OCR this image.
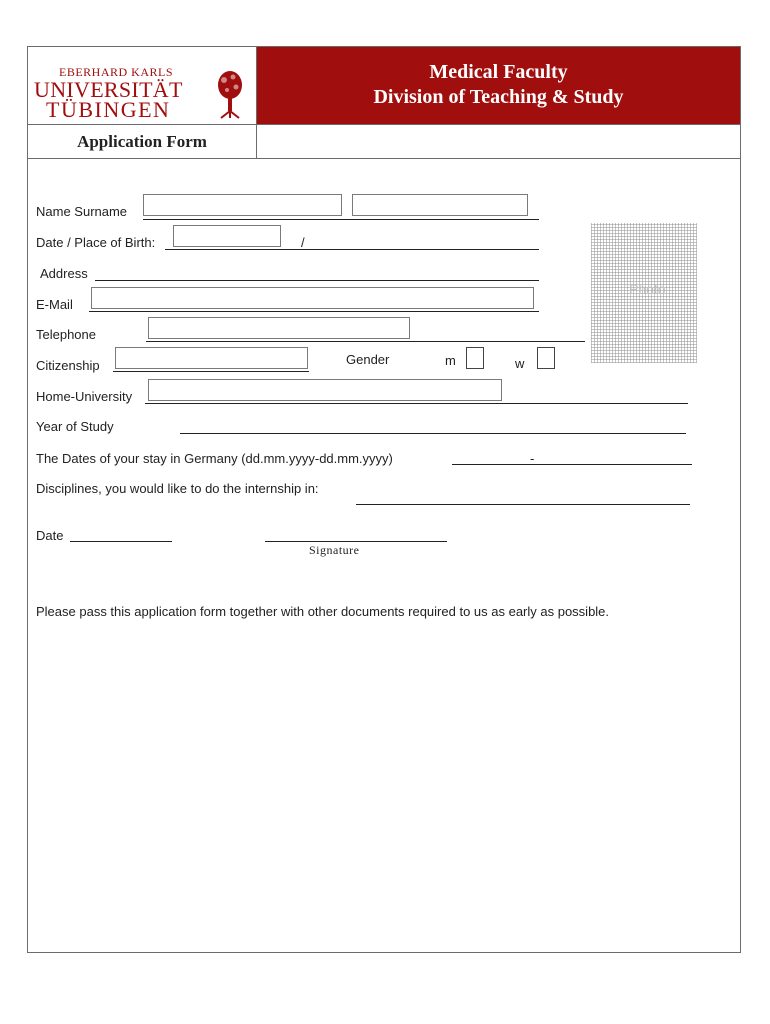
EBERHARD KARLS
UNIVERSITÄT
TÜBINGEN
Medical Faculty
Division of Teaching & Study
Application Form
Name Surname
Date / Place of Birth:	/
Address
E-Mail
Telephone
Citizenship	Gender	m	w
Photo
Home-University
Year of Study
The Dates of your stay in Germany (dd.mm.yyyy-dd.mm.yyyy)	-
Disciplines, you would like to do the internship in:
Date
Signature
Please pass this application form together with other documents required to us as early as possible.
